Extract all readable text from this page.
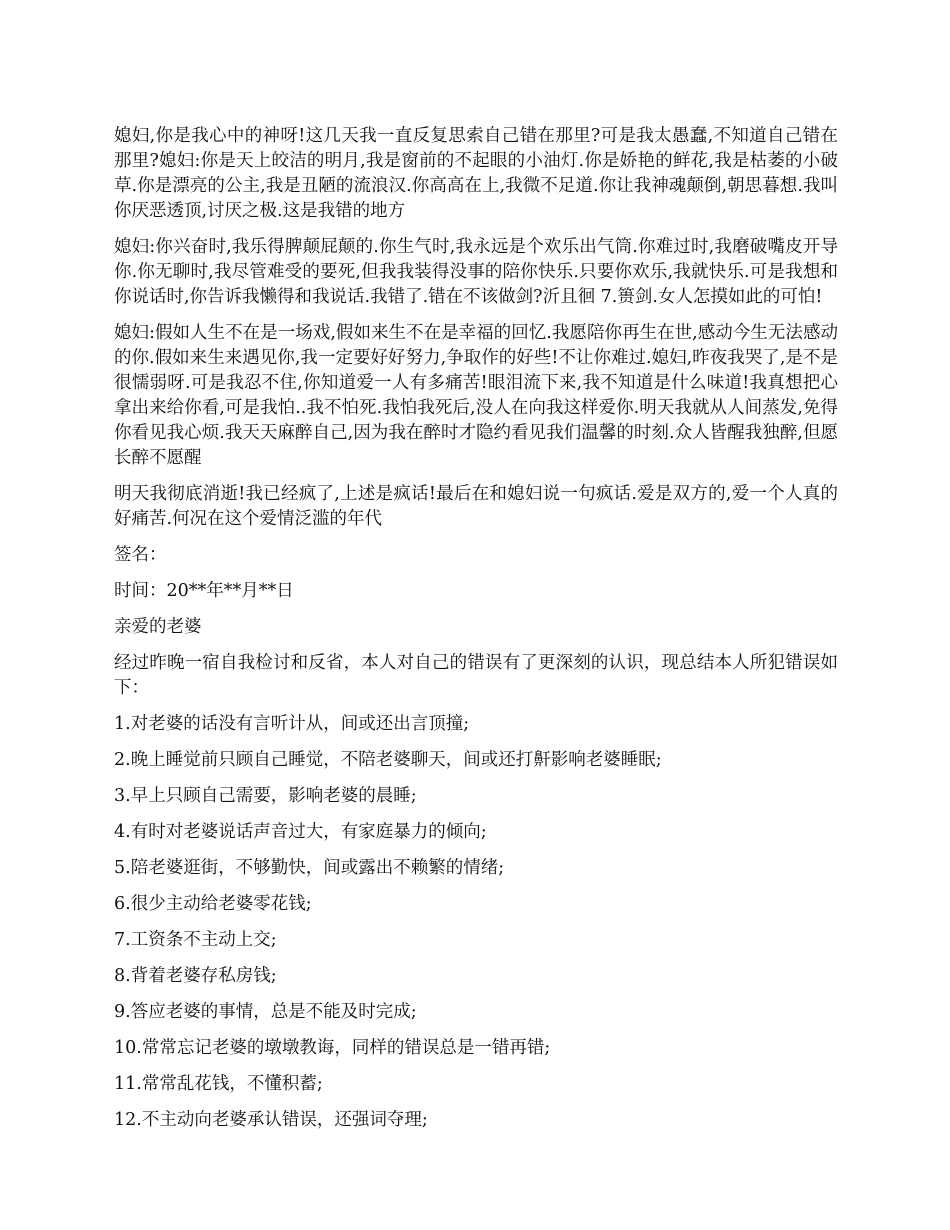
媳妇,你是我心中的神呀!这几天我一直反复思索自己错在那里?可是我太愚蠢,不知道自己错在那里?媳妇:你是天上皎洁的明月,我是窗前的不起眼的小油灯.你是娇艳的鲜花,我是枯萎的小破草.你是漂亮的公主,我是丑陋的流浪汉.你高高在上,我微不足道.你让我神魂颠倒,朝思暮想.我叫你厌恶透顶,讨厌之极.这是我错的地方

媳妇:你兴奋时,我乐得脾颠屁颠的.你生气时,我永远是个欢乐出气筒.你难过时,我磨破嘴皮开导你.你无聊时,我尽管难受的要死,但我我装得没事的陪你快乐.只要你欢乐,我就快乐.可是我想和你说话时,你告诉我懒得和我说话.我错了.错在不该做剑?沂且徊 7.篑剑.女人怎摸如此的可怕!

媳妇:假如人生不在是一场戏,假如来生不在是幸福的回忆.我愿陪你再生在世,感动今生无法感动的你.假如来生来遇见你,我一定要好好努力,争取作的好些!不让你难过.媳妇,昨夜我哭了,是不是很懦弱呀.可是我忍不住,你知道爱一人有多痛苦!眼泪流下来,我不知道是什么味道!我真想把心拿出来给你看,可是我怕..我不怕死.我怕我死后,没人在向我这样爱你.明天我就从人间蒸发,免得你看见我心烦.我天天麻醉自己,因为我在醉时才隐约看见我们温馨的时刻.众人皆醒我独醉,但愿长醉不愿醒

明天我彻底消逝!我已经疯了,上述是疯话!最后在和媳妇说一句疯话.爱是双方的,爱一个人真的好痛苦.何况在这个爱情泛滥的年代

签名：

时间：20**年**月**日

亲爱的老婆

经过昨晚一宿自我检讨和反省，本人对自己的错误有了更深刻的认识，现总结本人所犯错误如下：

1.对老婆的话没有言听计从，间或还出言顶撞;

2.晚上睡觉前只顾自己睡觉，不陪老婆聊天，间或还打鼾影响老婆睡眠;

3.早上只顾自己需要，影响老婆的晨睡;

4.有时对老婆说话声音过大，有家庭暴力的倾向;

5.陪老婆逛街，不够勤快，间或露出不赖繁的情绪;

6.很少主动给老婆零花钱;

7.工资条不主动上交;

8.背着老婆存私房钱;

9.答应老婆的事情，总是不能及时完成;

10.常常忘记老婆的墩墩教诲，同样的错误总是一错再错;

11.常常乱花钱，不懂积蓄;

12.不主动向老婆承认错误，还强词夺理;
